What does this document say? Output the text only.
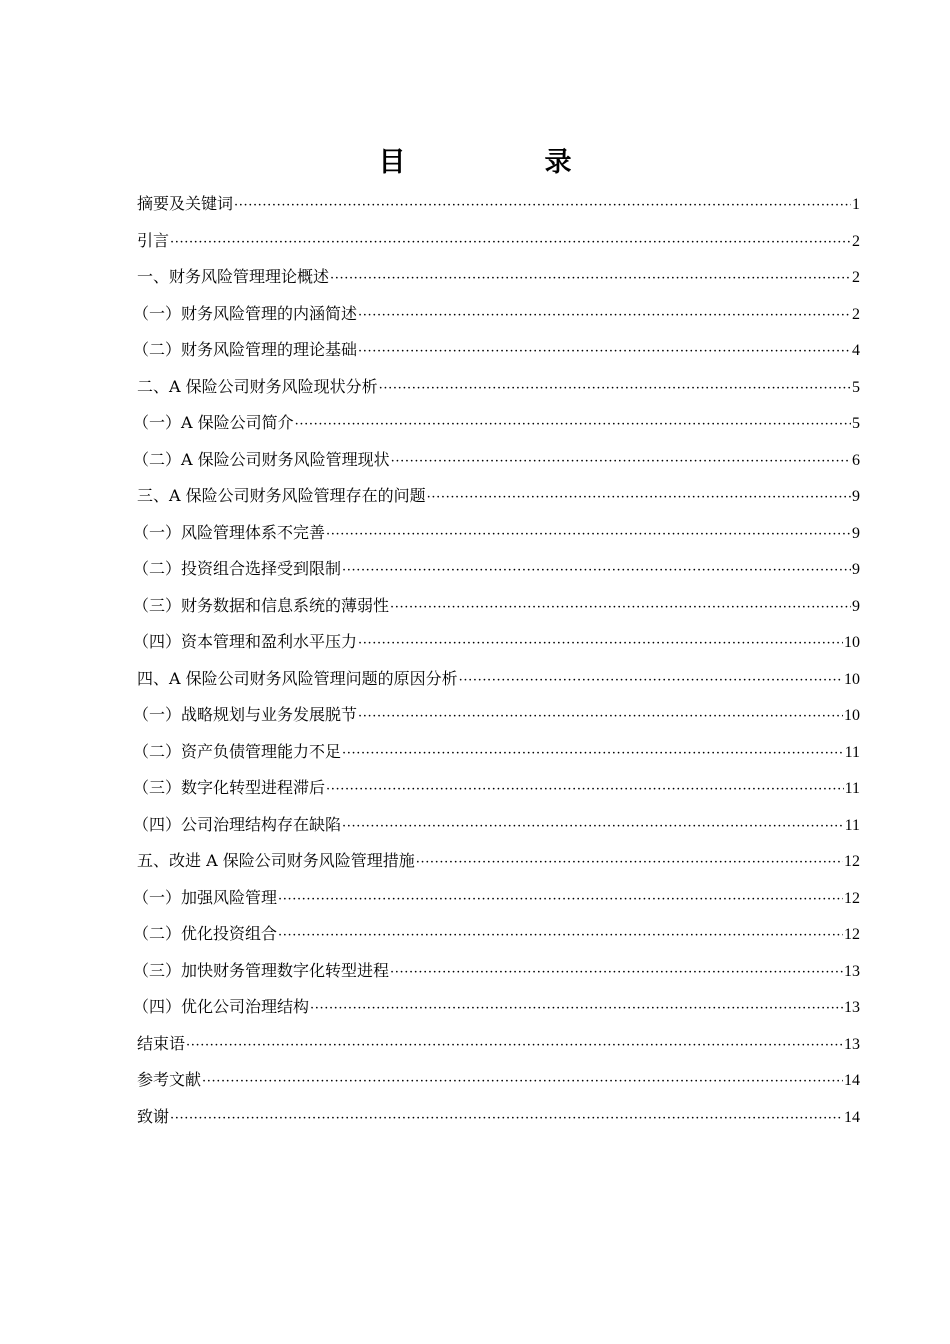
目　录
摘要及关键词 ·····	1
引言 ·····	2
一、财务风险管理理论概述 ·····	2
（一）财务风险管理的内涵简述 ·····	2
（二）财务风险管理的理论基础 ·····	4
二、A 保险公司财务风险现状分析 ·····	5
（一）A 保险公司简介 ·····	5
（二）A 保险公司财务风险管理现状 ·····	6
三、A 保险公司财务风险管理存在的问题 ·····	9
（一）风险管理体系不完善 ·····	9
（二）投资组合选择受到限制 ·····	9
（三）财务数据和信息系统的薄弱性 ·····	9
（四）资本管理和盈利水平压力 ·····	10
四、A 保险公司财务风险管理问题的原因分析 ·····	10
（一）战略规划与业务发展脱节 ·····	10
（二）资产负债管理能力不足 ·····	11
（三）数字化转型进程滞后 ·····	11
（四）公司治理结构存在缺陷 ·····	11
五、改进 A 保险公司财务风险管理措施 ·····	12
（一）加强风险管理 ·····	12
（二）优化投资组合 ·····	12
（三）加快财务管理数字化转型进程 ·····	13
（四）优化公司治理结构 ·····	13
结束语 ·····	13
参考文献 ·····	14
致谢 ·····	14
